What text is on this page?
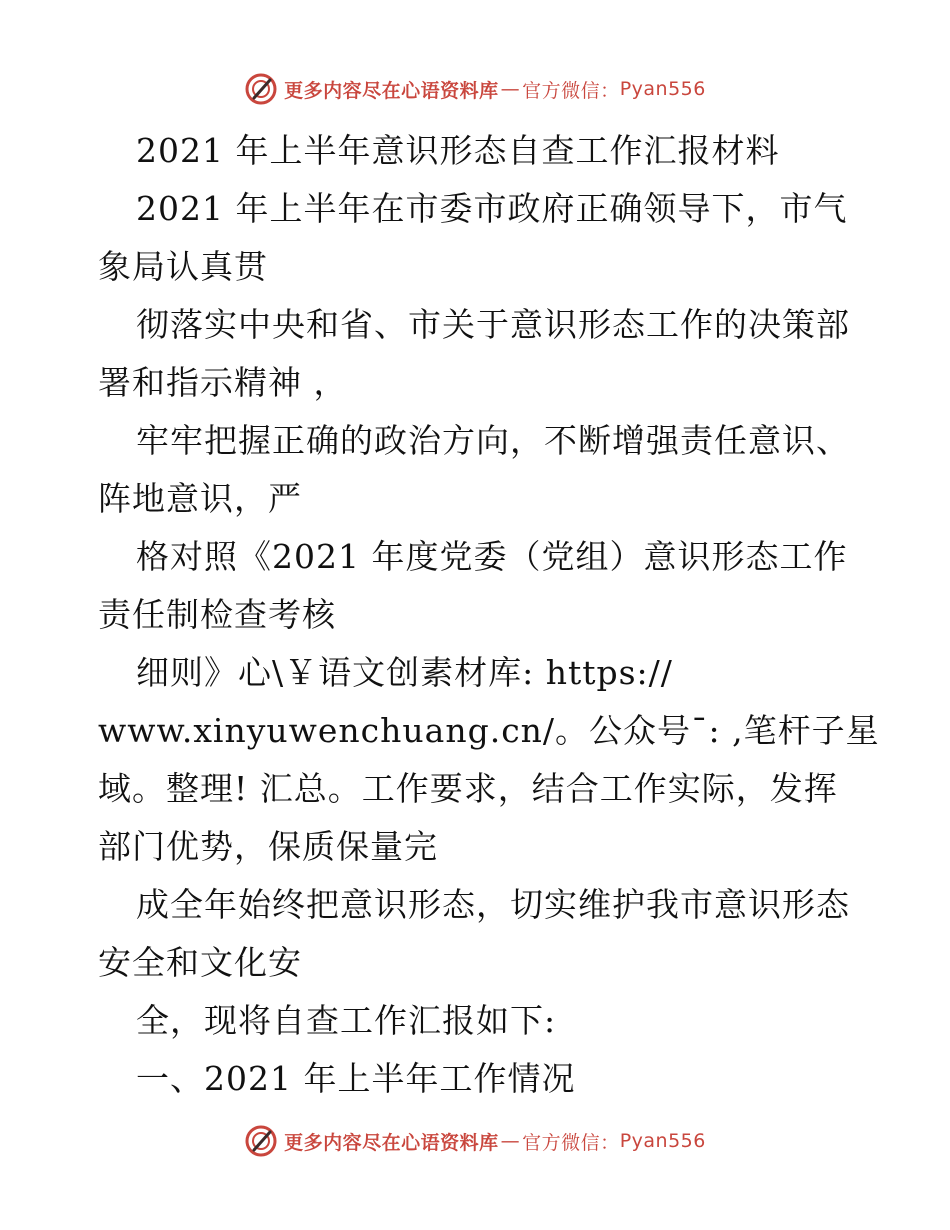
更多内容尽在心语资料库 — 官方微信： Pyan556
2021 年上半年意识形态自查工作汇报材料
2021 年上半年在市委市政府正确领导下，市气
象局认真贯
彻落实中央和省、市关于意识形态工作的决策部
署和指示精神 ，
牢牢把握正确的政治方向，不断增强责任意识、
阵地意识，严
格对照《2021 年度党委（党组）意识形态工作
责任制检查考核
细则》心\￥语文创素材库: https://
www.xinyuwenchuang.cn/。公众号¯: ,笔杆子星
域。整理! 汇总。工作要求，结合工作实际，发挥
部门优势，保质保量完
成全年始终把意识形态，切实维护我市意识形态
安全和文化安
全，现将自查工作汇报如下:
一、2021 年上半年工作情况
更多内容尽在心语资料库 — 官方微信： Pyan556
